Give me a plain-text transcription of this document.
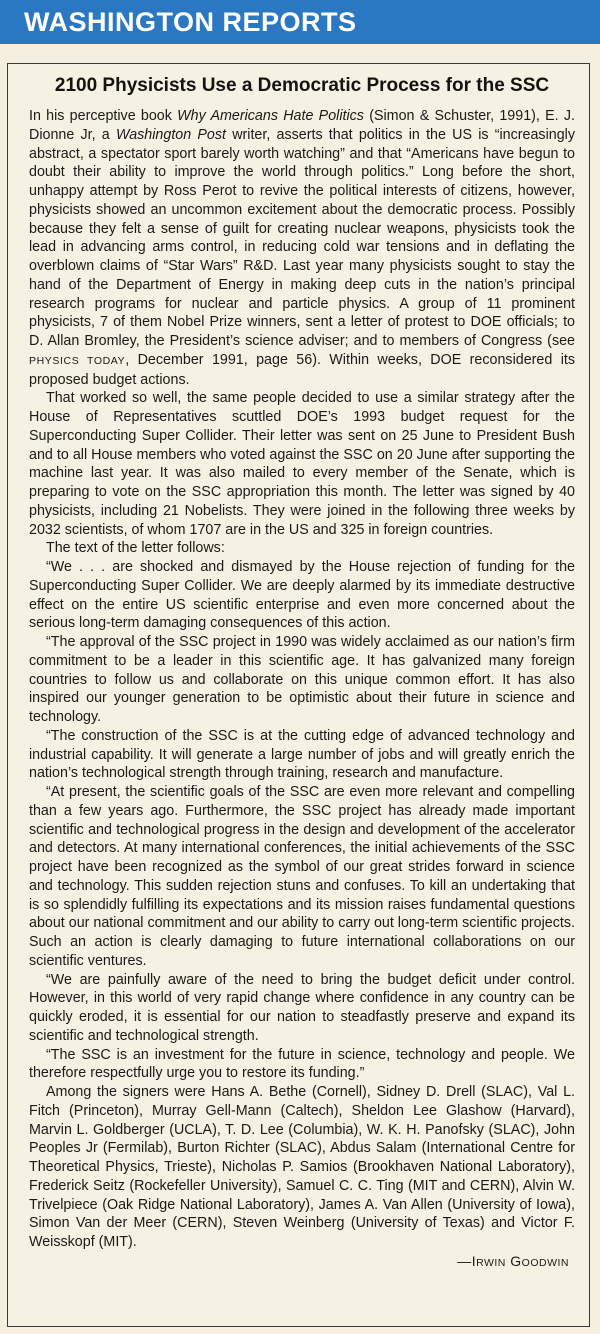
WASHINGTON REPORTS
2100 Physicists Use a Democratic Process for the SSC

In his perceptive book Why Americans Hate Politics (Simon & Schuster, 1991), E. J. Dionne Jr, a Washington Post writer, asserts that politics in the US is “increasingly abstract, a spectator sport barely worth watching” and that “Americans have begun to doubt their ability to improve the world through politics.” Long before the short, unhappy attempt by Ross Perot to revive the political interests of citizens, however, physicists showed an uncommon excitement about the democratic process. Possibly because they felt a sense of guilt for creating nuclear weapons, physicists took the lead in advancing arms control, in reducing cold war tensions and in deflating the overblown claims of “Star Wars” R&D. Last year many physicists sought to stay the hand of the Department of Energy in making deep cuts in the nation’s principal research programs for nuclear and particle physics. A group of 11 prominent physicists, 7 of them Nobel Prize winners, sent a letter of protest to DOE officials; to D. Allan Bromley, the President’s science adviser; and to members of Congress (see PHYSICS TODAY, December 1991, page 56). Within weeks, DOE reconsidered its proposed budget actions.

That worked so well, the same people decided to use a similar strategy after the House of Representatives scuttled DOE’s 1993 budget request for the Superconducting Super Collider. Their letter was sent on 25 June to President Bush and to all House members who voted against the SSC on 20 June after supporting the machine last year. It was also mailed to every member of the Senate, which is preparing to vote on the SSC appropriation this month. The letter was signed by 40 physicists, including 21 Nobelists. They were joined in the following three weeks by 2032 scientists, of whom 1707 are in the US and 325 in foreign countries.

The text of the letter follows:

“We . . . are shocked and dismayed by the House rejection of funding for the Superconducting Super Collider. We are deeply alarmed by its immediate destructive effect on the entire US scientific enterprise and even more concerned about the serious long-term damaging consequences of this action.

“The approval of the SSC project in 1990 was widely acclaimed as our nation’s firm commitment to be a leader in this scientific age. It has galvanized many foreign countries to follow us and collaborate on this unique common effort. It has also inspired our younger generation to be optimistic about their future in science and technology.

“The construction of the SSC is at the cutting edge of advanced technology and industrial capability. It will generate a large number of jobs and will greatly enrich the nation’s technological strength through training, research and manufacture.

“At present, the scientific goals of the SSC are even more relevant and compelling than a few years ago. Furthermore, the SSC project has already made important scientific and technological progress in the design and development of the accelerator and detectors. At many international conferences, the initial achievements of the SSC project have been recognized as the symbol of our great strides forward in science and technology. This sudden rejection stuns and confuses. To kill an undertaking that is so splendidly fulfilling its expectations and its mission raises fundamental questions about our national commitment and our ability to carry out long-term scientific projects. Such an action is clearly damaging to future international collaborations on our scientific ventures.

“We are painfully aware of the need to bring the budget deficit under control. However, in this world of very rapid change where confidence in any country can be quickly eroded, it is essential for our nation to steadfastly preserve and expand its scientific and technological strength.

“The SSC is an investment for the future in science, technology and people. We therefore respectfully urge you to restore its funding.”

Among the signers were Hans A. Bethe (Cornell), Sidney D. Drell (SLAC), Val L. Fitch (Princeton), Murray Gell-Mann (Caltech), Sheldon Lee Glashow (Harvard), Marvin L. Goldberger (UCLA), T. D. Lee (Columbia), W. K. H. Panofsky (SLAC), John Peoples Jr (Fermilab), Burton Richter (SLAC), Abdus Salam (International Centre for Theoretical Physics, Trieste), Nicholas P. Samios (Brookhaven National Laboratory), Frederick Seitz (Rockefeller University), Samuel C. C. Ting (MIT and CERN), Alvin W. Trivelpiece (Oak Ridge National Laboratory), James A. Van Allen (University of Iowa), Simon Van der Meer (CERN), Steven Weinberg (University of Texas) and Victor F. Weisskopf (MIT).

—IRWIN GOODWIN
